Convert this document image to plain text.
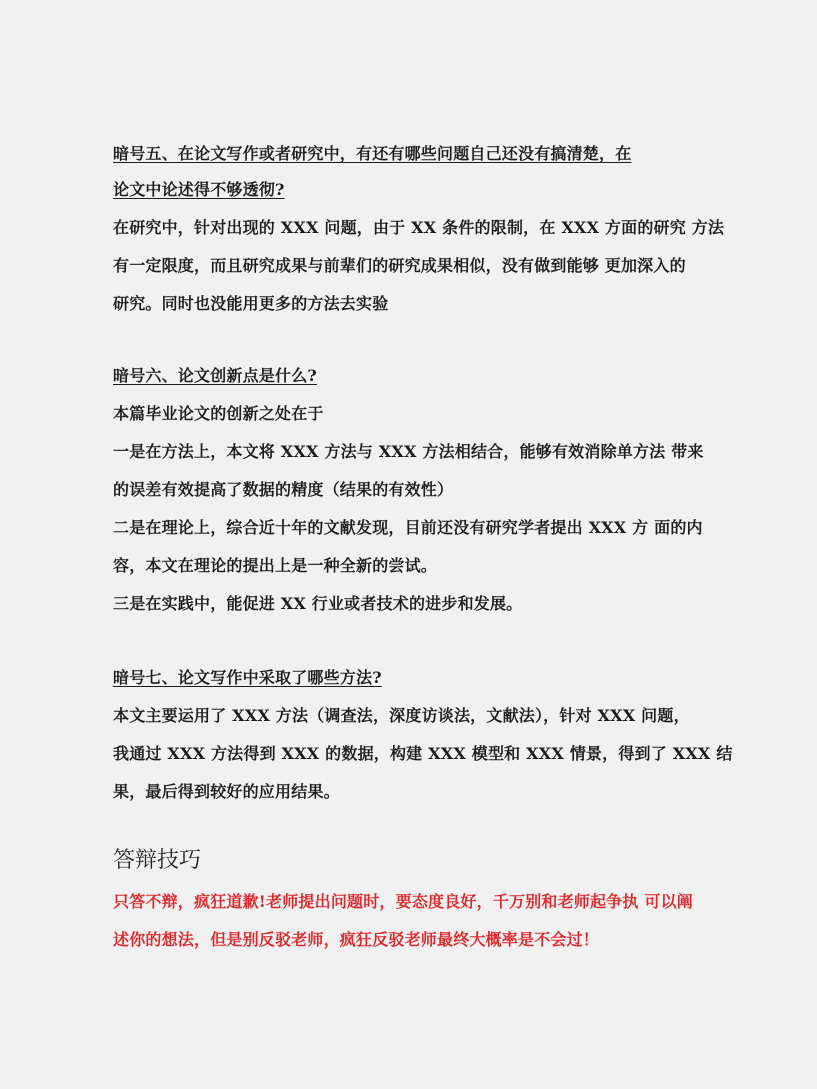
暗号五、在论文写作或者研究中，有还有哪些问题自己还没有搞清楚，在
论文中论述得不够透彻?
在研究中，针对出现的 XXX 问题，由于 XX 条件的限制，在 XXX 方面的研究 方法
有一定限度，而且研究成果与前辈们的研究成果相似，没有做到能够 更加深入的
研究。同时也没能用更多的方法去实验
暗号六、论文创新点是什么?
本篇毕业论文的创新之处在于
一是在方法上，本文将 XXX 方法与 XXX 方法相结合，能够有效消除单方法 带来
的误差有效提高了数据的精度（结果的有效性）
二是在理论上，综合近十年的文献发现，目前还没有研究学者提出 XXX 方 面的内
容，本文在理论的提出上是一种全新的尝试。
三是在实践中，能促进 XX 行业或者技术的进步和发展。
暗号七、论文写作中采取了哪些方法?
本文主要运用了 XXX 方法（调查法，深度访谈法，文献法），针对 XXX 问题，
我通过 XXX 方法得到 XXX 的数据，构建 XXX 模型和 XXX 情景，得到了 XXX 结
果，最后得到较好的应用结果。
答辩技巧
只答不辩，疯狂道歉!老师提出问题时，要态度良好，千万别和老师起争执 可以阐
述你的想法，但是别反驳老师，疯狂反驳老师最终大概率是不会过！
